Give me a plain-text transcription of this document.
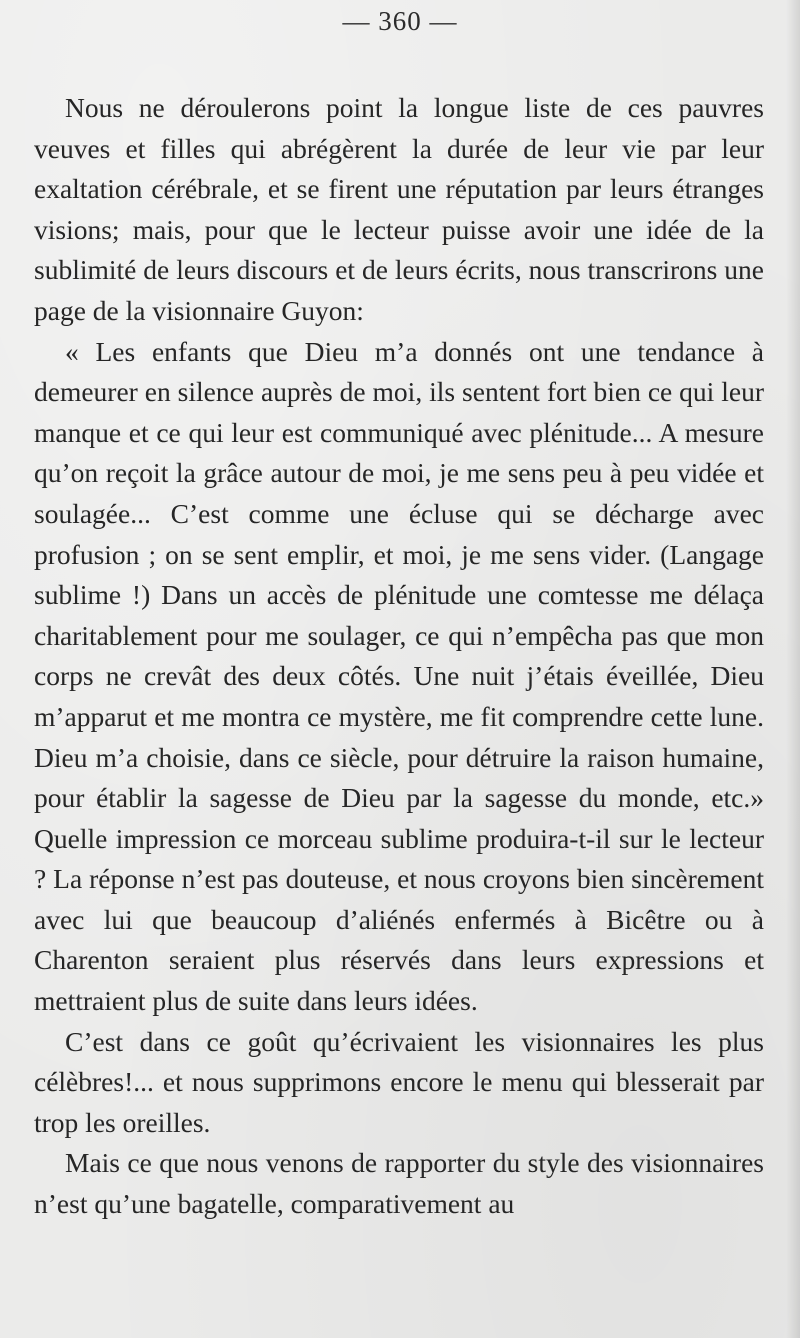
— 360 —

Nous ne déroulerons point la longue liste de ces pauvres veuves et filles qui abrégèrent la durée de leur vie par leur exaltation cérébrale, et se firent une réputation par leurs étranges visions; mais, pour que le lecteur puisse avoir une idée de la sublimité de leurs discours et de leurs écrits, nous transcrirons une page de la visionnaire Guyon:

« Les enfants que Dieu m’a donnés ont une tendance à demeurer en silence auprès de moi, ils sentent fort bien ce qui leur manque et ce qui leur est communiqué avec plénitude... A mesure qu’on reçoit la grâce autour de moi, je me sens peu à peu vidée et soulagée... C’est comme une écluse qui se décharge avec profusion ; on se sent emplir, et moi, je me sens vider. (Langage sublime !) Dans un accès de plénitude une comtesse me délaça charitablement pour me soulager, ce qui n’empêcha pas que mon corps ne crevât des deux côtés. Une nuit j’étais éveillée, Dieu m’apparut et me montra ce mystère, me fit comprendre cette lune. Dieu m’a choisie, dans ce siècle, pour détruire la raison humaine, pour établir la sagesse de Dieu par la sagesse du monde, etc.» Quelle impression ce morceau sublime produira-t-il sur le lecteur ? La réponse n’est pas douteuse, et nous croyons bien sincèrement avec lui que beaucoup d’aliénés enfermés à Bicêtre ou à Charenton seraient plus réservés dans leurs expressions et mettraient plus de suite dans leurs idées.

C’est dans ce goût qu’écrivaient les visionnaires les plus célèbres!... et nous supprimons encore le menu qui blesserait par trop les oreilles.

Mais ce que nous venons de rapporter du style des visionnaires n’est qu’une bagatelle, comparativement au
